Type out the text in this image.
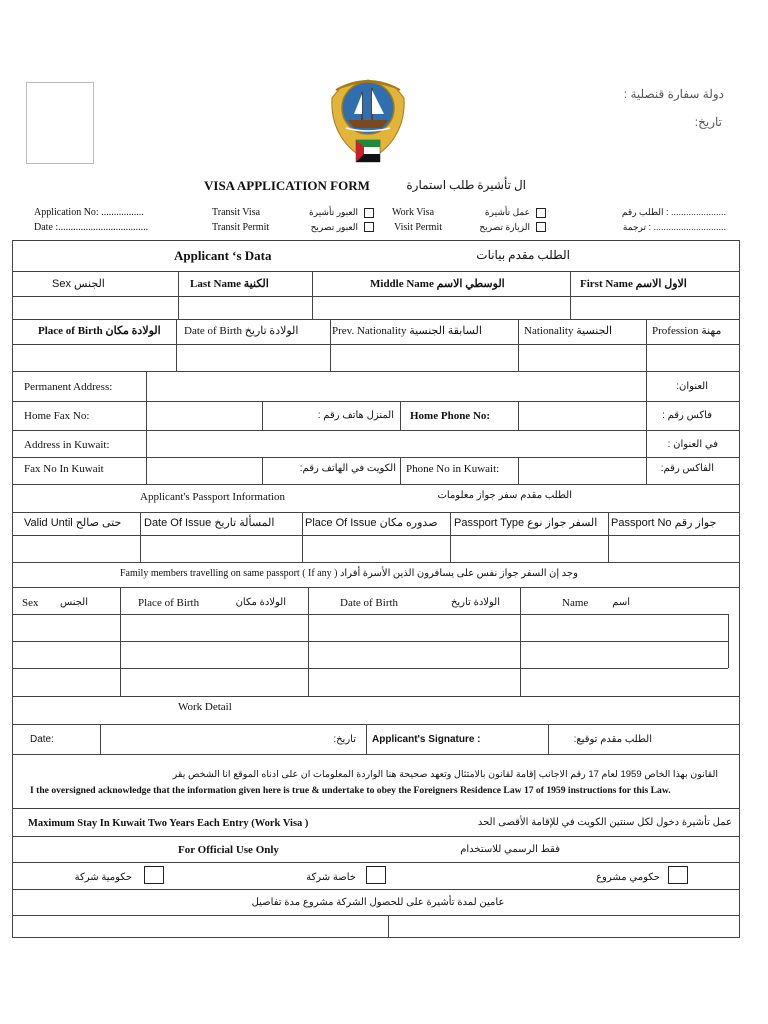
دولة سفارة قنصلية :
تاريخ:
VISA APPLICATION FORM	ال تأشيرة طلب استمارة
Application No: .................
Date :....................................
Transit Visa	العبور تأشيرة
Transit Permit	العبور تصريح
Work Visa	عمل تأشيرة
Visit Permit	الزيارة تصريح
...................... : الطلب رقم
............................. : ترجمة
Applicant ‘s Data	الطلب مقدم بيانات
Sex الجنس	Last Name الكنية	Middle Name الوسطي الاسم	First Name الاول الاسم
Place of Birth الولادة مكان Date of Birth الولادة تاريخ	Prev. Nationality السابقة الجنسية	Nationality الجنسية	Profession مهنة
Permanent Address:	العنوان:
Home Fax No:	المنزل هاتف رقم : Home Phone No:	فاكس رقم :
Address in Kuwait:	في العنوان :
Fax No In Kuwait	الكويت في الهاتف رقم: Phone No in Kuwait:	الفاكس رقم:
Applicant's Passport Information	الطلب مقدم سفر جواز معلومات
Valid Until حتى صالح Date Of Issue المسألة تاريخ	Place Of Issue صدوره مكان Passport Type السفر جواز نوع Passport No جواز رقم
Family members travelling on same passport ( If any ) وجد إن السفر جواز نفس على يسافرون الذين الأسرة أفراد
Sex	الجنس	Place of Birth	الولادة مكان	Date of Birth	الولادة تاريخ	Name	اسم
Work Detail
Date:	تاريخ: Applicant's Signature :	الطلب مقدم توقيع:
القانون بهذا الخاص 1959 لعام 17 رقم الأجانب إقامة لقانون بالامتثال وتعهد صحيحة هنا الواردة المعلومات أن على أدناه الموقع أنا الشخص يقر
I the oversigned acknowledge that the information given here is true & undertake to obey the Foreigners Residence Law 17 of 1959 instructions for this Law.
Maximum Stay In Kuwait Two Years Each Entry (Work Visa )	عمل تأشيرة دخول لكل سنتين الكويت في للإقامة الأقصى الحد
For Official Use Only	فقط الرسمي للاستخدام
حكومية شركة	خاصة شركة	حكومي مشروع
عامين لمدة تأشيرة على للحصول الشركة مشروع مدة تفاصيل
